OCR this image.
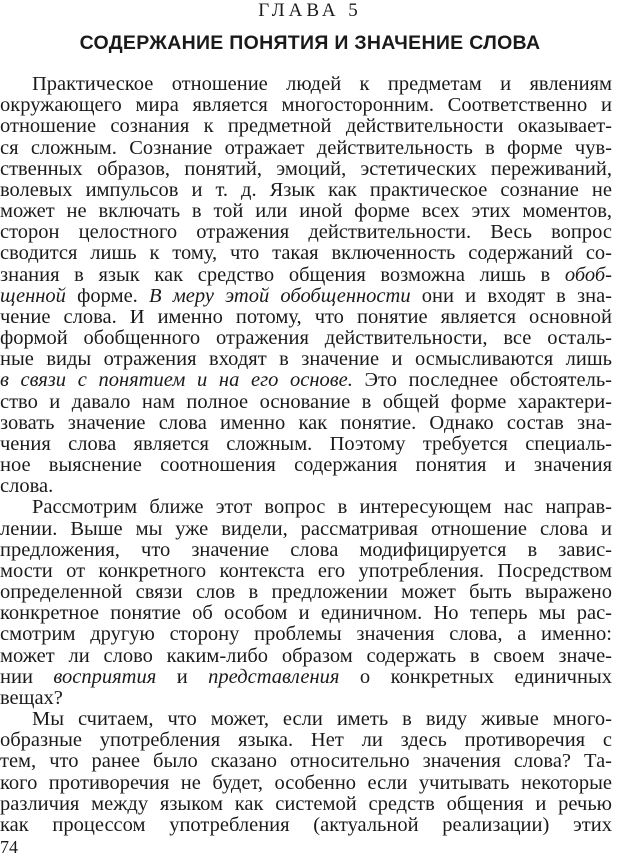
ГЛАВА 5
СОДЕРЖАНИЕ ПОНЯТИЯ И ЗНАЧЕНИЕ СЛОВА
Практическое отношение людей к предметам и явлениям
окружающего мира является многосторонним. Соответственно и
отношение сознания к предметной действительности оказывает-
ся сложным. Сознание отражает действительность в форме чув-
ственных образов, понятий, эмоций, эстетических переживаний,
волевых импульсов и т. д. Язык как практическое сознание не
может не включать в той или иной форме всех этих моментов,
сторон целостного отражения действительности. Весь вопрос
сводится лишь к тому, что такая включенность содержаний со-
знания в язык как средство общения возможна лишь в обоб-
щенной форме. В меру этой обобщенности они и входят в зна-
чение слова. И именно потому, что понятие является основной
формой обобщенного отражения действительности, все осталь-
ные виды отражения входят в значение и осмысливаются лишь
в связи с понятием и на его основе. Это последнее обстоятель-
ство и давало нам полное основание в общей форме характери-
зовать значение слова именно как понятие. Однако состав зна-
чения слова является сложным. Поэтому требуется специаль-
ное выяснение соотношения содержания понятия и значения
слова.
Рассмотрим ближе этот вопрос в интересующем нас направ-
лении. Выше мы уже видели, рассматривая отношение слова и
предложения, что значение слова модифицируется в завис-
мости от конкретного контекста его употребления. Посредством
определенной связи слов в предложении может быть выражено
конкретное понятие об особом и единичном. Но теперь мы рас-
смотрим другую сторону проблемы значения слова, а именно:
может ли слово каким-либо образом содержать в своем значе-
нии восприятия и представления о конкретных единичных
вещах?
Мы считаем, что может, если иметь в виду живые много-
образные употребления языка. Нет ли здесь противоречия с
тем, что ранее было сказано относительно значения слова? Та-
кого противоречия не будет, особенно если учитывать некоторые
различия между языком как системой средств общения и речью
как процессом употребления (актуальной реализации) этих
74
